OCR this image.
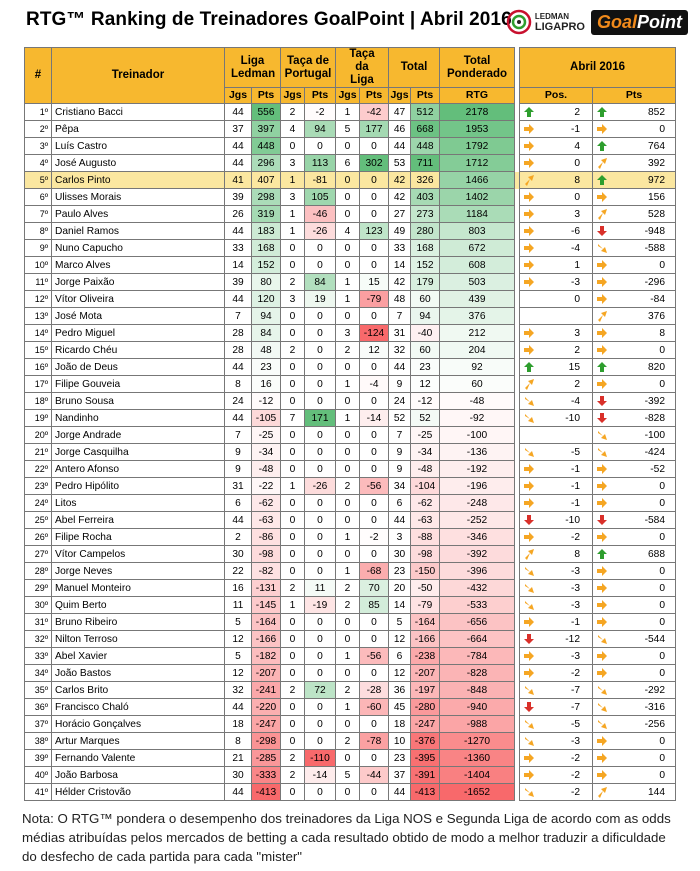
RTG™ Ranking de Treinadores GoalPoint | Abril 2016	LEDMAN
LIGAPRO GoalPoint
#	Treinador	Liga Ledman		Taça de Portugal		Taça da Liga		Total		Total Ponderado		Abril 2016	
		Jgs	Pts	Jgs	Pts	Jgs	Pts	Jgs	Pts	RTG		Pos.	Pts
1º	Cristiano Bacci	44	556	2	-2	1	-42	47	512	2178		2	852

2º	Pêpa	37	397	4	94	5	177	46	668	1953		-1	0

3º	Luís Castro	44	448	0	0	0	0	44	448	1792		4	764

4º	José Augusto	44	296	3	113	6	302	53	711	1712		0	392

5º	Carlos Pinto	41	407	1	-81	0	0	42	326	1466		8	972

6º	Ulisses Morais	39	298	3	105	0	0	42	403	1402		0	156

7º	Paulo Alves	26	319	1	-46	0	0	27	273	1184		3	528

8º	Daniel Ramos	44	183	1	-26	4	123	49	280	803		-6	-948

9º	Nuno Capucho	33	168	0	0	0	0	33	168	672		-4	-588

10º	Marco Alves	14	152	0	0	0	0	14	152	608		1	0

11º	Jorge Paixão	39	80	2	84	1	15	42	179	503		-3	-296

12º	Vítor Oliveira	44	120	3	19	1	-79	48	60	439		0	-84

13º	José Mota	7	94	0	0	0	0	7	94	376			376

14º	Pedro Miguel	28	84	0	0	3	-124	31	-40	212		3	8

15º	Ricardo Chéu	28	48	2	0	2	12	32	60	204		2	0

16º	João de Deus	44	23	0	0	0	0	44	23	92		15	820

17º	Filipe Gouveia	8	16	0	0	1	-4	9	12	60		2	0

18º	Bruno Sousa	24	-12	0	0	0	0	24	-12	-48		-4	-392

19º	Nandinho	44	-105	7	171	1	-14	52	52	-92		-10	-828

20º	Jorge Andrade	7	-25	0	0	0	0	7	-25	-100			-100

21º	Jorge Casquilha	9	-34	0	0	0	0	9	-34	-136		-5	-424

22º	Antero Afonso	9	-48	0	0	0	0	9	-48	-192		-1	-52

23º	Pedro Hipólito	31	-22	1	-26	2	-56	34	-104	-196		-1	0

24º	Litos	6	-62	0	0	0	0	6	-62	-248		-1	0

25º	Abel Ferreira	44	-63	0	0	0	0	44	-63	-252		-10	-584

26º	Filipe Rocha	2	-86	0	0	1	-2	3	-88	-346		-2	0

27º	Vítor Campelos	30	-98	0	0	0	0	30	-98	-392		8	688

28º	Jorge Neves	22	-82	0	0	1	-68	23	-150	-396		-3	0

29º	Manuel Monteiro	16	-131	2	11	2	70	20	-50	-432		-3	0

30º	Quim Berto	11	-145	1	-19	2	85	14	-79	-533		-3	0

31º	Bruno Ribeiro	5	-164	0	0	0	0	5	-164	-656		-1	0

32º	Nilton Terroso	12	-166	0	0	0	0	12	-166	-664		-12	-544

33º	Abel Xavier	5	-182	0	0	1	-56	6	-238	-784		-3	0

34º	João Bastos	12	-207	0	0	0	0	12	-207	-828		-2	0

35º	Carlos Brito	32	-241	2	72	2	-28	36	-197	-848		-7	-292

36º	Francisco Chaló	44	-220	0	0	1	-60	45	-280	-940		-7	-316

37º	Horácio Gonçalves	18	-247	0	0	0	0	18	-247	-988		-5	-256

38º	Artur Marques	8	-298	0	0	2	-78	10	-376	-1270		-3	0

39º	Fernando Valente	21	-285	2	-110	0	0	23	-395	-1360		-2	0

40º	João Barbosa	30	-333	2	-14	5	-44	37	-391	-1404		-2	0

41º	Hélder Cristovão	44	-413	0	0	0	0	44	-413	-1652		-2	144
Nota: O RTG™ pondera o desempenho dos treinadores da Liga NOS e Segunda Liga de acordo com as odds médias atribuídas pelos mercados de betting a cada resultado obtido de modo a melhor traduzir a dificuldade do desfecho de cada partida para cada "mister"
